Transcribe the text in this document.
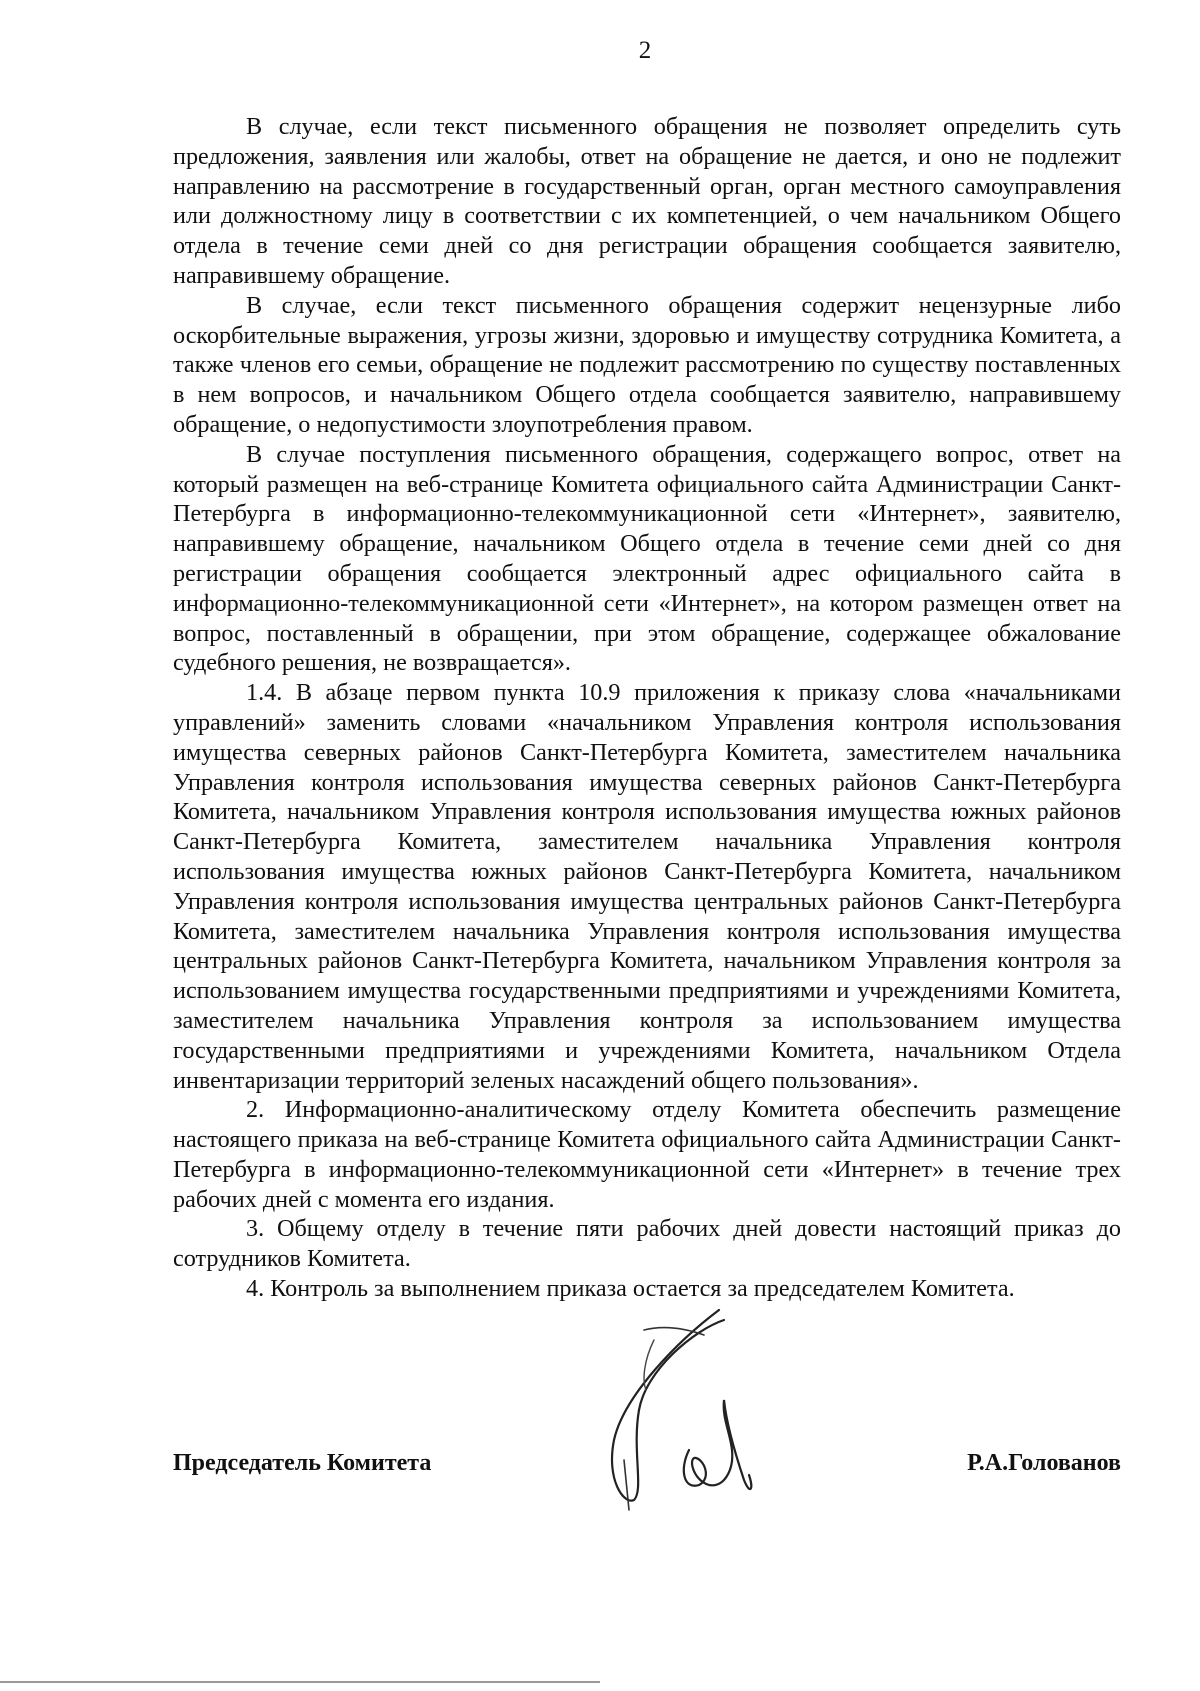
2

В случае, если текст письменного обращения не позволяет определить суть предложения, заявления или жалобы, ответ на обращение не дается, и оно не подлежит направлению на рассмотрение в государственный орган, орган местного самоуправления или должностному лицу в соответствии с их компетенцией, о чем начальником Общего отдела в течение семи дней со дня регистрации обращения сообщается заявителю, направившему обращение.

В случае, если текст письменного обращения содержит нецензурные либо оскорбительные выражения, угрозы жизни, здоровью и имуществу сотрудника Комитета, а также членов его семьи, обращение не подлежит рассмотрению по существу поставленных в нем вопросов, и начальником Общего отдела сообщается заявителю, направившему обращение, о недопустимости злоупотребления правом.

В случае поступления письменного обращения, содержащего вопрос, ответ на который размещен на веб-странице Комитета официального сайта Администрации Санкт-Петербурга в информационно-телекоммуникационной сети «Интернет», заявителю, направившему обращение, начальником Общего отдела в течение семи дней со дня регистрации обращения сообщается электронный адрес официального сайта в информационно-телекоммуникационной сети «Интернет», на котором размещен ответ на вопрос, поставленный в обращении, при этом обращение, содержащее обжалование судебного решения, не возвращается».

1.4. В абзаце первом пункта 10.9 приложения к приказу слова «начальниками управлений» заменить словами «начальником Управления контроля использования имущества северных районов Санкт-Петербурга Комитета, заместителем начальника Управления контроля использования имущества северных районов Санкт-Петербурга Комитета, начальником Управления контроля использования имущества южных районов Санкт-Петербурга Комитета, заместителем начальника Управления контроля использования имущества южных районов Санкт-Петербурга Комитета, начальником Управления контроля использования имущества центральных районов Санкт-Петербурга Комитета, заместителем начальника Управления контроля использования имущества центральных районов Санкт-Петербурга Комитета, начальником Управления контроля за использованием имущества государственными предприятиями и учреждениями Комитета, заместителем начальника Управления контроля за использованием имущества государственными предприятиями и учреждениями Комитета, начальником Отдела инвентаризации территорий зеленых насаждений общего пользования».

2. Информационно-аналитическому отделу Комитета обеспечить размещение настоящего приказа на веб-странице Комитета официального сайта Администрации Санкт-Петербурга в информационно-телекоммуникационной сети «Интернет» в течение трех рабочих дней с момента его издания.

3. Общему отделу в течение пяти рабочих дней довести настоящий приказ до сотрудников Комитета.

4. Контроль за выполнением приказа остается за председателем Комитета.

Председатель Комитета	Р.А.Голованов
